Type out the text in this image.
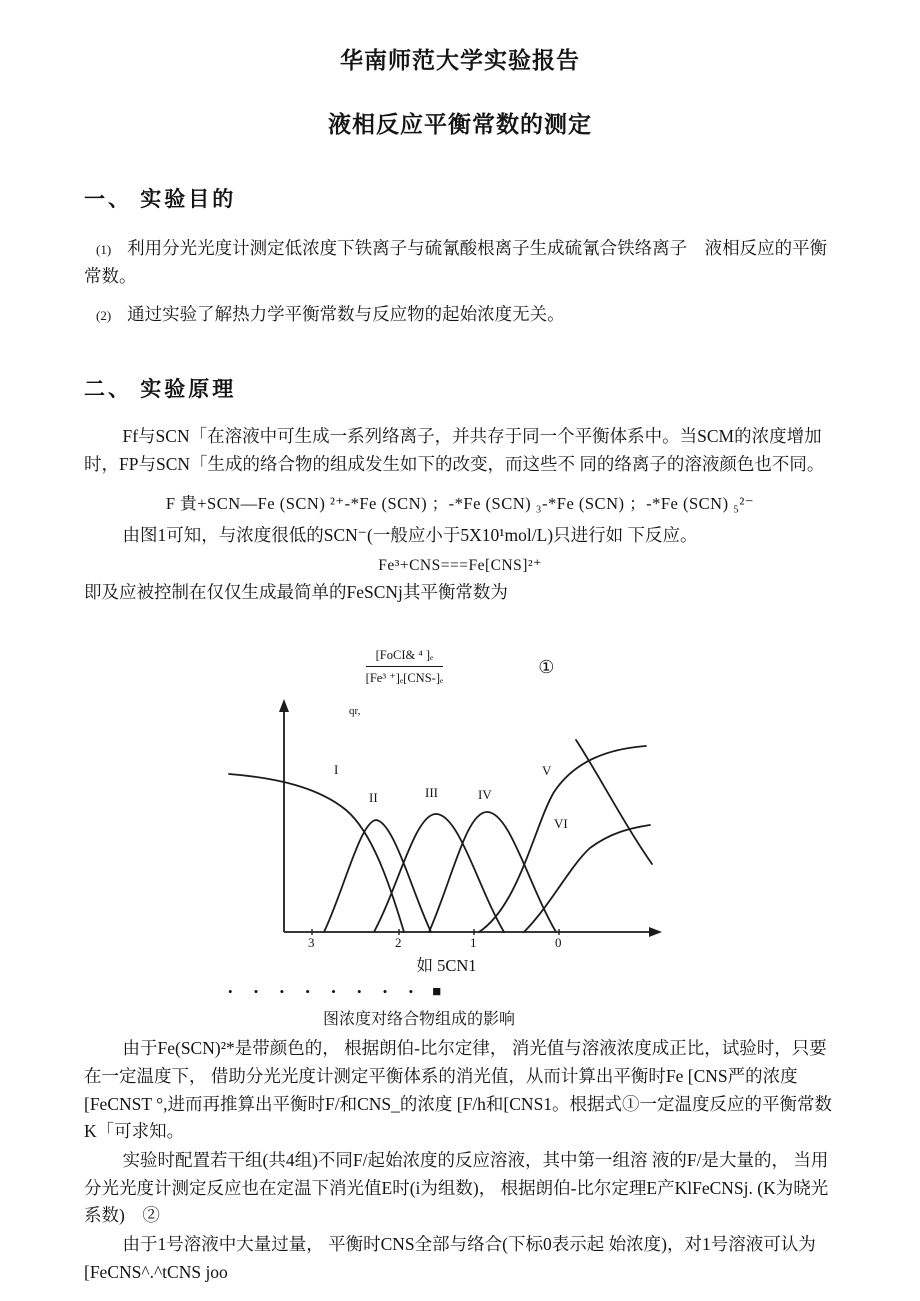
华南师范大学实验报告
液相反应平衡常数的测定
一、 实验目的

(1) 利用分光光度计测定低浓度下铁离子与硫氰酸根离子生成硫氰合铁络离子　液相反应的平衡常数。

(2) 通过实验了解热力学平衡常数与反应物的起始浓度无关。

二、 实验原理

Ff与SCN「在溶液中可生成一系列络离子，并共存于同一个平衡体系中。当SCM的浓度增加时，FP与SCN「生成的络合物的组成发生如下的改变，而这些不 同的络离子的溶液颜色也不同。

F 貴+SCN—Fe (SCN) ²⁺-*Fe (SCN) ；-*Fe (SCN) ₃-*Fe (SCN) ；-*Fe (SCN) ₅²⁻

由图1可知，与浓度很低的SCN⁻(一般应小于5X10¹mol/L)只进行如 下反应。

Fe³+CNS===Fe[CNS]²⁺

即及应被控制在仅仅生成最简单的FeSCNj其平衡常数为

$\frac{\text{[FoCI\& ⁴ ]ₑ}}{\text{[Fe³ ⁺]ₑ[CNS-]ₑ}}$	①
qr,
I
II	III	IV
V
VI
3	2	1	0

如 5CN1

• • • • • • • • ■

图浓度对络合物组成的影响

由于Fe(SCN)²*是带颜色的， 根据朗伯-比尔定律， 消光值与溶液浓度成正比，试验时，只要在一定温度下， 借助分光光度计测定平衡体系的消光值，从而计算出平衡时Fe [CNS严的浓度[FeCNST °,进而再推算出平衡时F/和CNS_的浓度 [F/h和[CNS1。根据式①一定温度反应的平衡常数K「可求知。

实验时配置若干组(共4组)不同F/起始浓度的反应溶液，其中第一组溶 液的F/是大量的， 当用分光光度计测定反应也在定温下消光值E时(i为组数)， 根据朗伯-比尔定理E产KlFeCNSj. (K为晓光系数)　②

由于1号溶液中大量过量， 平衡时CNS全部与络合(下标0表示起 始浓度)，对1号溶液可认为[FeCNS^.^tCNS joo
